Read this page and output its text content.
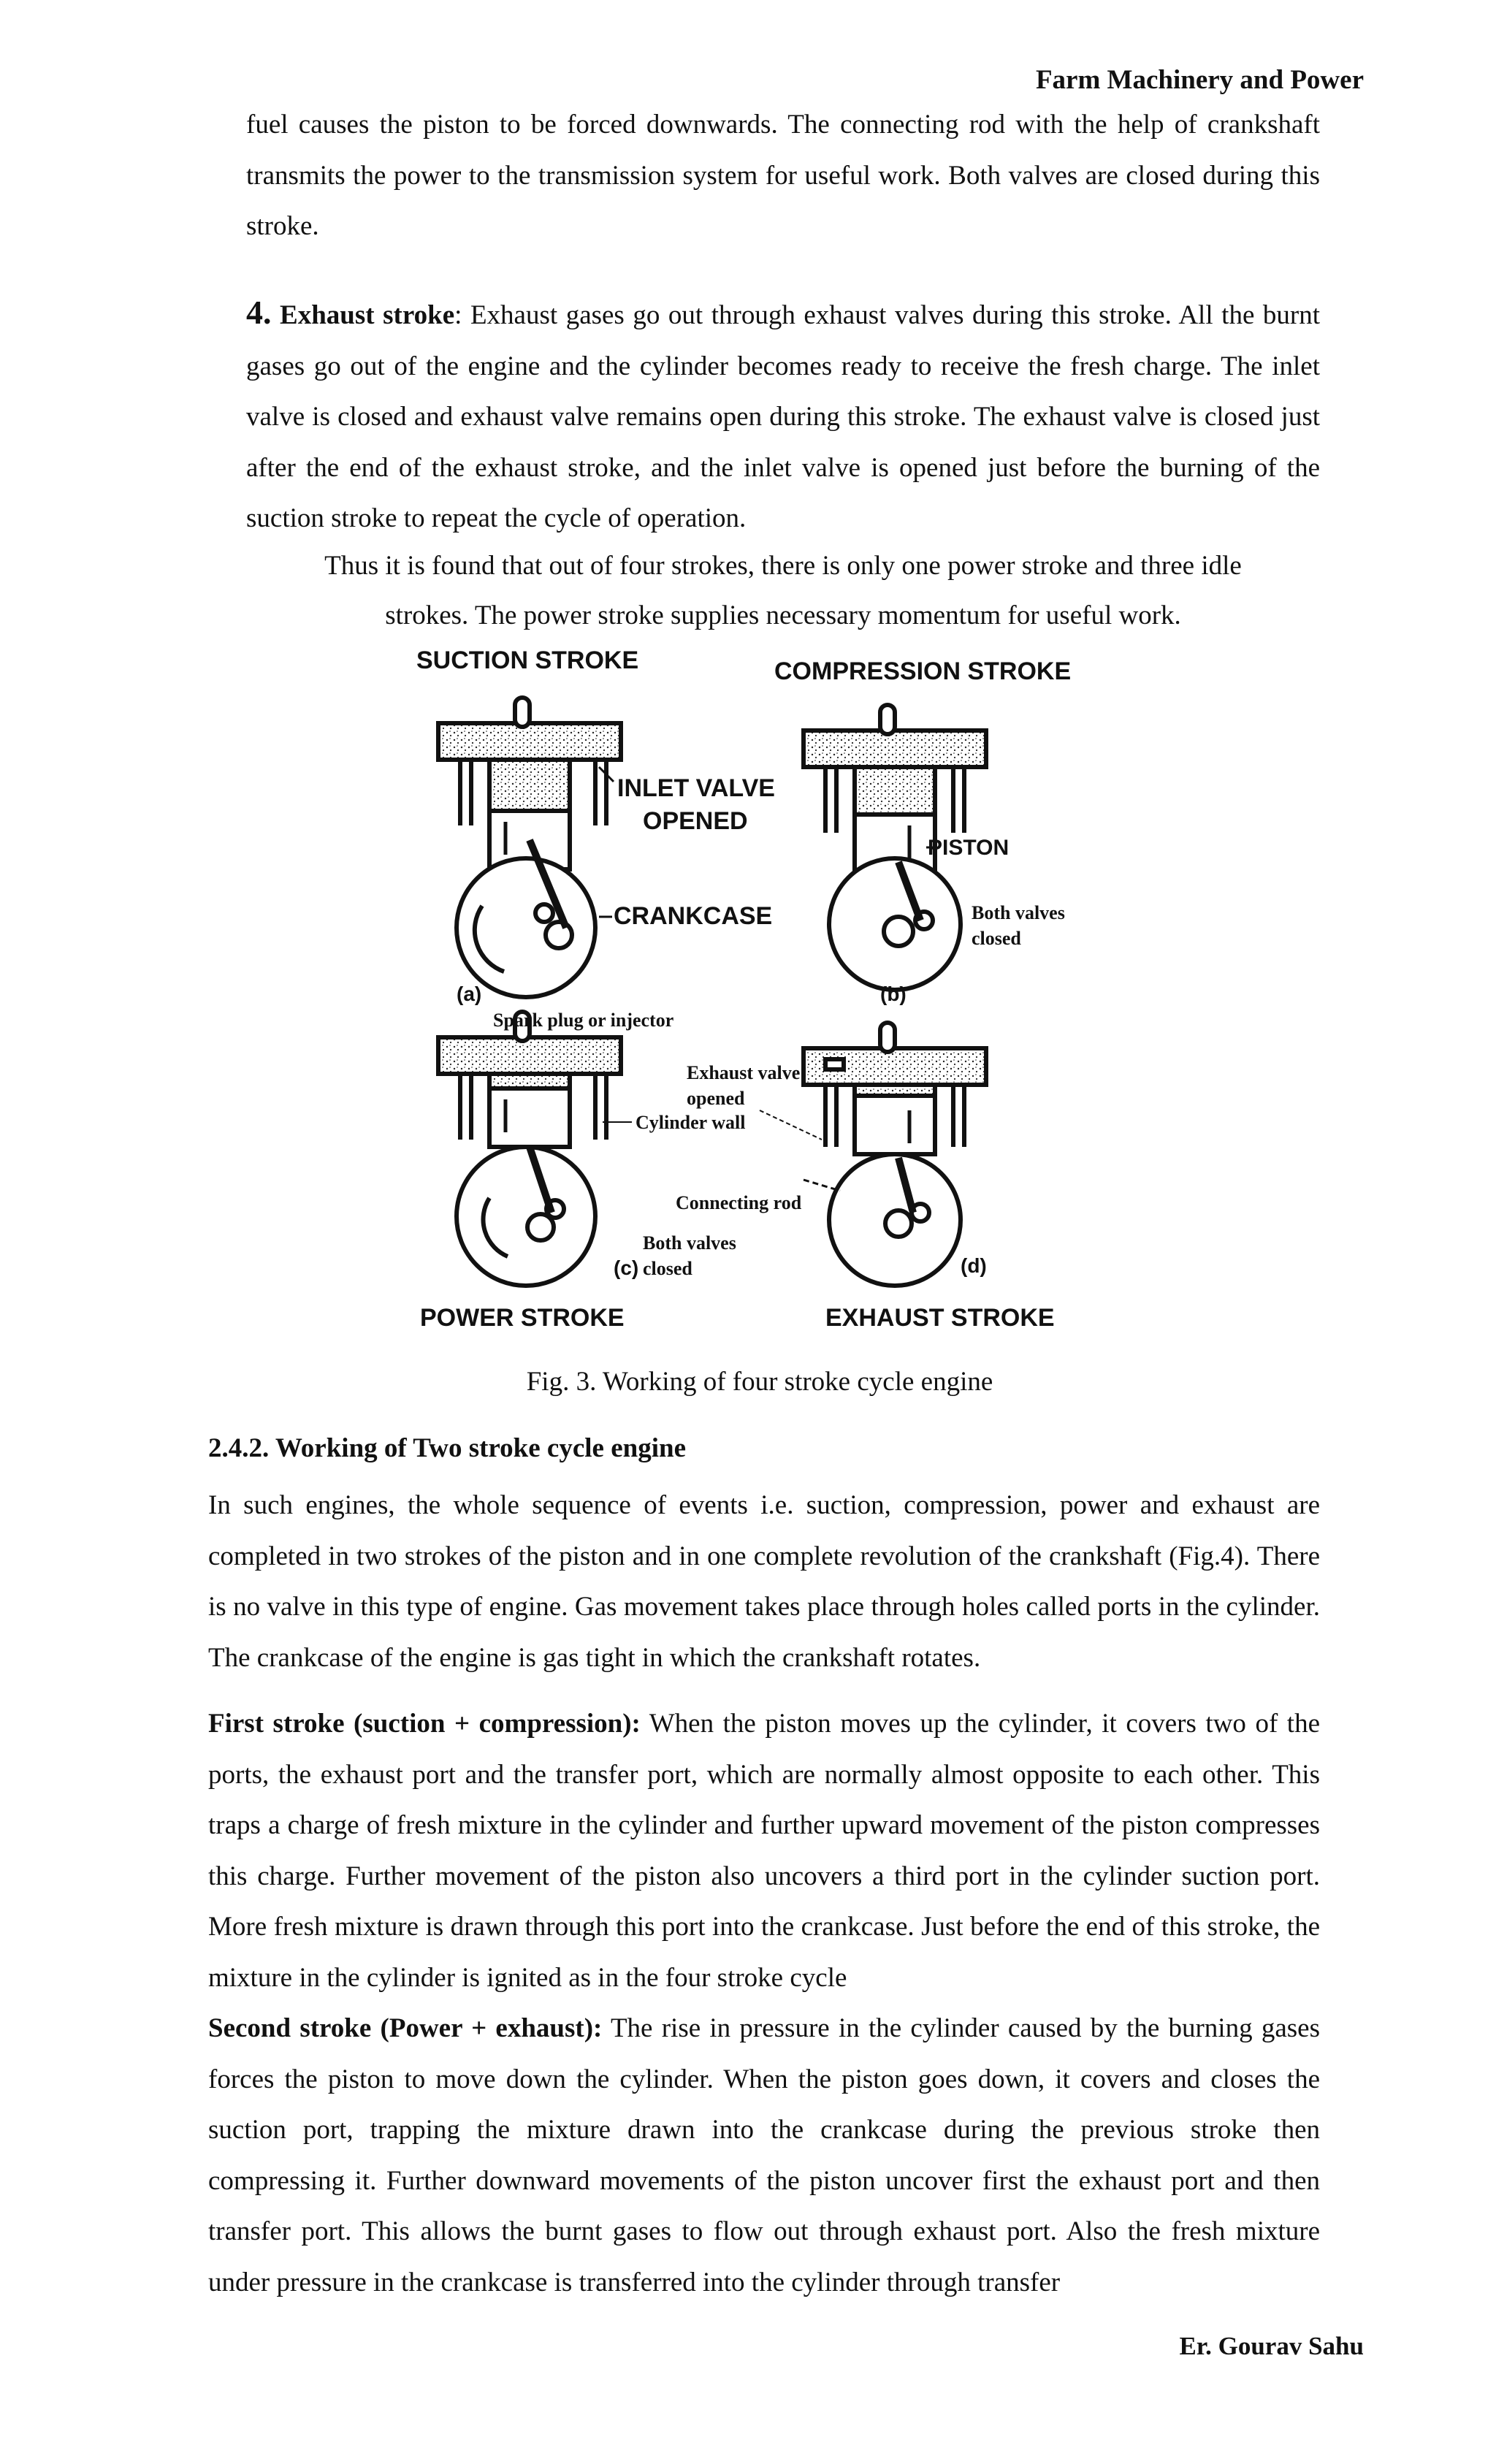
Farm Machinery and Power
fuel causes the piston to be forced downwards. The connecting rod with the help of crankshaft transmits the power to the transmission system for useful work. Both valves are closed during this stroke.
4. Exhaust stroke: Exhaust gases go out through exhaust valves during this stroke. All the burnt gases go out of the engine and the cylinder becomes ready to receive the fresh charge. The inlet valve is closed and exhaust valve remains open during this stroke. The exhaust valve is closed just after the end of the exhaust stroke, and the inlet valve is opened just before the burning of the suction stroke to repeat the cycle of operation.
Thus it is found that out of four strokes, there is only one power stroke and three idle
strokes. The power stroke supplies necessary momentum for useful work.
SUCTION STROKE	COMPRESSION STROKE
POWER STROKE	EXHAUST STROKE
(a)
INLET VALVE
OPENED
CRANKCASE
PISTON
Both valves
closed
(b)
Spark plug or injector
Cylinder wall
Connecting rod
Both valves
closed
(c)
Exhaust valve
opened
(d)
Fig. 3. Working of four stroke cycle engine
2.4.2. Working of Two stroke cycle engine
In such engines, the whole sequence of events i.e. suction, compression, power and exhaust are completed in two strokes of the piston and in one complete revolution of the crankshaft (Fig.4). There is no valve in this type of engine. Gas movement takes place through holes called ports in the cylinder. The crankcase of the engine is gas tight in which the crankshaft rotates.
First stroke (suction + compression): When the piston moves up the cylinder, it covers two of the ports, the exhaust port and the transfer port, which are normally almost opposite to each other. This traps a charge of fresh mixture in the cylinder and further upward movement of the piston compresses this charge. Further movement of the piston also uncovers a third port in the cylinder suction port. More fresh mixture is drawn through this port into the crankcase. Just before the end of this stroke, the mixture in the cylinder is ignited as in the four stroke cycle
Second stroke (Power + exhaust): The rise in pressure in the cylinder caused by the burning gases forces the piston to move down the cylinder. When the piston goes down, it covers and closes the suction port, trapping the mixture drawn into the crankcase during the previous stroke then compressing it. Further downward movements of the piston uncover first the exhaust port and then transfer port. This allows the burnt gases to flow out through exhaust port. Also the fresh mixture under pressure in the crankcase is transferred into the cylinder through transfer
Er. Gourav Sahu
